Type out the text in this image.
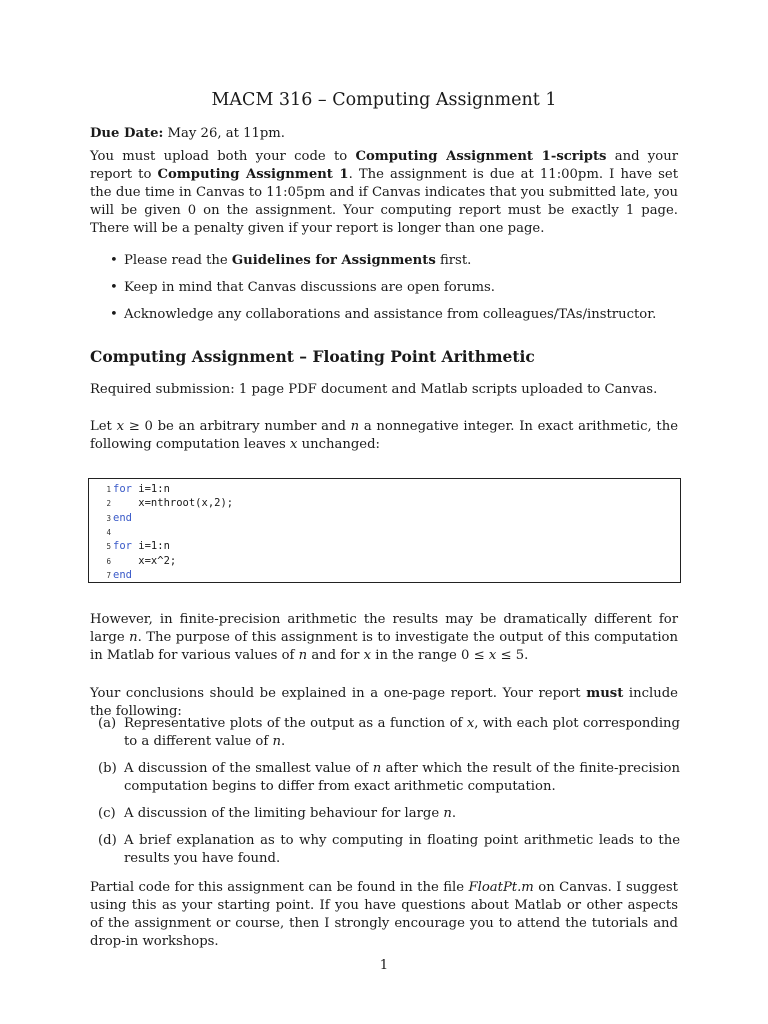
MACM 316 – Computing Assignment 1

Due Date: May 26, at 11pm.

You must upload both your code to Computing Assignment 1-scripts and your report to Computing Assignment 1. The assignment is due at 11:00pm. I have set the due time in Canvas to 11:05pm and if Canvas indicates that you submitted late, you will be given 0 on the assignment. Your computing report must be exactly 1 page. There will be a penalty given if your report is longer than one page.

• Please read the Guidelines for Assignments first.
• Keep in mind that Canvas discussions are open forums.
• Acknowledge any collaborations and assistance from colleagues/TAs/instructor.
Computing Assignment – Floating Point Arithmetic

Required submission: 1 page PDF document and Matlab scripts uploaded to Canvas.

Let x ≥ 0 be an arbitrary number and n a nonnegative integer. In exact arithmetic, the following computation leaves x unchanged:

1 for i=1:n
2    x=nthroot(x,2);
3 end
4
5 for i=1:n
6    x=x^2;
7 end

However, in finite-precision arithmetic the results may be dramatically different for large n. The purpose of this assignment is to investigate the output of this computation in Matlab for various values of n and for x in the range 0 ≤ x ≤ 5.

Your conclusions should be explained in a one-page report. Your report must include the following:

(a) Representative plots of the output as a function of x, with each plot corresponding to a different value of n.
(b) A discussion of the smallest value of n after which the result of the finite-precision computation begins to differ from exact arithmetic computation.
(c) A discussion of the limiting behaviour for large n.
(d) A brief explanation as to why computing in floating point arithmetic leads to the results you have found.

Partial code for this assignment can be found in the file FloatPt.m on Canvas. I suggest using this as your starting point. If you have questions about Matlab or other aspects of the assignment or course, then I strongly encourage you to attend the tutorials and drop-in workshops.

1
